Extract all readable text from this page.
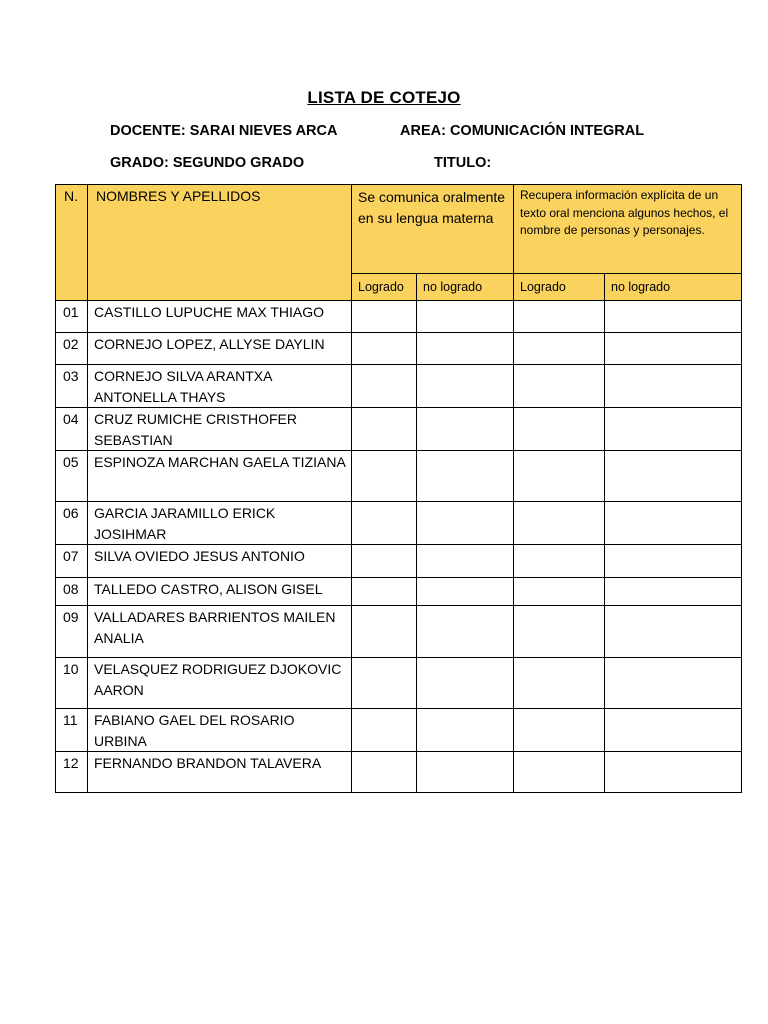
LISTA DE COTEJO
DOCENTE: SARAI NIEVES ARCA	AREA: COMUNICACIÓN INTEGRAL
GRADO: SEGUNDO GRADO	TITULO:
N.	NOMBRES Y APELLIDOS	Se comunica oralmente en su lengua materna		Recupera información explícita de un texto oral menciona algunos hechos, el nombre de personas y personajes.	
		Logrado	no logrado	Logrado	no logrado
01	CASTILLO LUPUCHE MAX THIAGO				
02	CORNEJO LOPEZ, ALLYSE DAYLIN				
03	CORNEJO SILVA ARANTXA ANTONELLA THAYS				
04	CRUZ RUMICHE CRISTHOFER SEBASTIAN				
05	ESPINOZA MARCHAN GAELA TIZIANA				
06	GARCIA JARAMILLO ERICK JOSIHMAR				
07	SILVA OVIEDO JESUS ANTONIO				
08	TALLEDO CASTRO, ALISON GISEL				
09	VALLADARES BARRIENTOS MAILEN ANALIA				
10	VELASQUEZ RODRIGUEZ DJOKOVIC AARON				
11	FABIANO GAEL DEL ROSARIO URBINA				
12	FERNANDO BRANDON TALAVERA				
